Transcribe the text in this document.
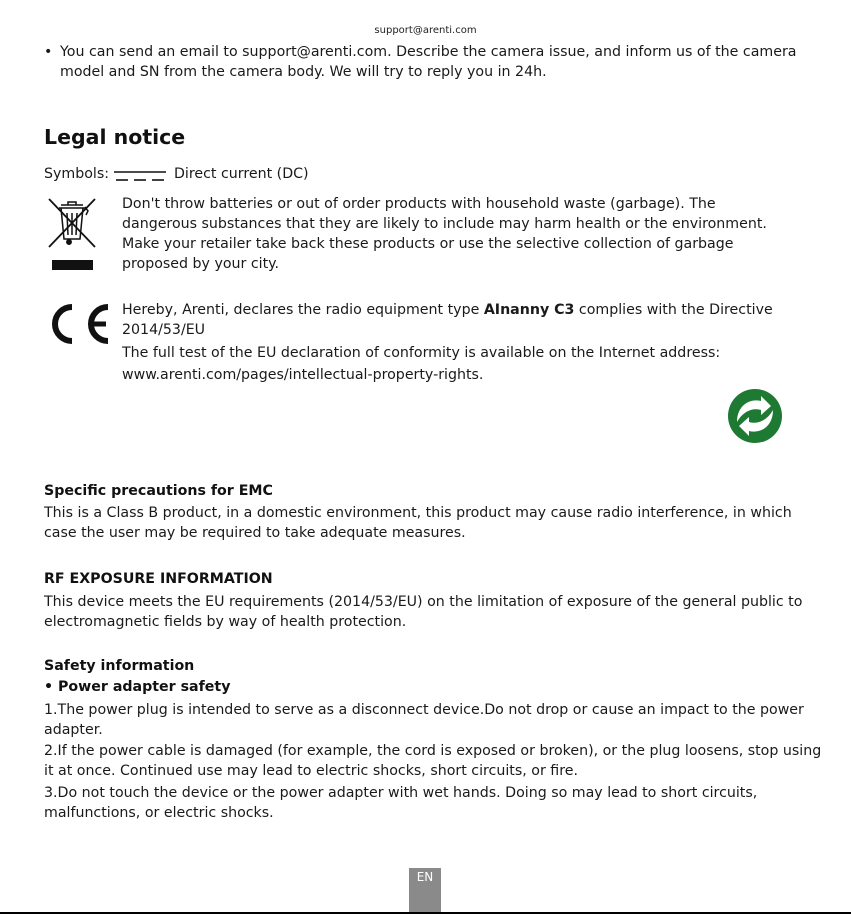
support@arenti.com
• You can send an email to support@arenti.com. Describe the camera issue, and inform us of the camera model and SN from the camera body. We will try to reply you in 24h.
Legal notice
Symbols:	Direct current (DC)
Don't throw batteries or out of order products with household waste (garbage). The dangerous substances that they are likely to include may harm health or the environment. Make your retailer take back these products or use the selective collection of garbage proposed by your city.
Hereby, Arenti, declares the radio equipment type AInanny C3 complies with the Directive 2014/53/EU
The full test of the EU declaration of conformity is available on the Internet address:
www.arenti.com/pages/intellectual-property-rights.
Specific precautions for EMC
This is a Class B product, in a domestic environment, this product may cause radio interference, in which case the user may be required to take adequate measures.
RF EXPOSURE INFORMATION
This device meets the EU requirements (2014/53/EU) on the limitation of exposure of the general public to electromagnetic fields by way of health protection.
Safety information
• Power adapter safety
1.The power plug is intended to serve as a disconnect device.Do not drop or cause an impact to the power adapter.
2.If the power cable is damaged (for example, the cord is exposed or broken), or the plug loosens, stop using it at once. Continued use may lead to electric shocks, short circuits, or fire.
3.Do not touch the device or the power adapter with wet hands. Doing so may lead to short circuits, malfunctions, or electric shocks.
EN
